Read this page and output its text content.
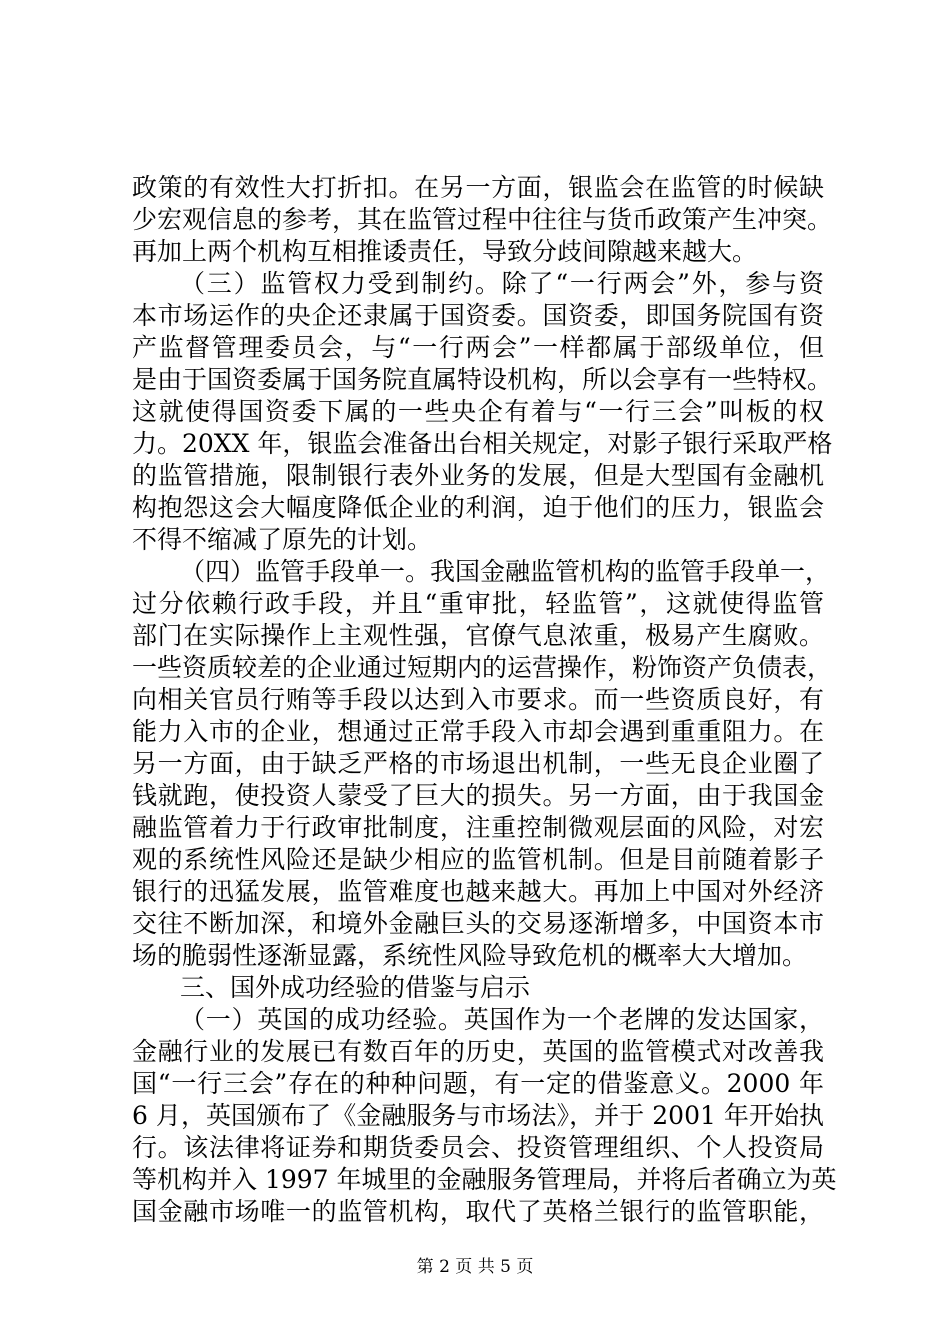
政策的有效性大打折扣。在另一方面，银监会在监管的时候缺
少宏观信息的参考，其在监管过程中往往与货币政策产生冲突。
再加上两个机构互相推诿责任，导致分歧间隙越来越大。
（三）监管权力受到制约。除了“一行两会”外，参与资
本市场运作的央企还隶属于国资委。国资委，即国务院国有资
产监督管理委员会，与“一行两会”一样都属于部级单位，但
是由于国资委属于国务院直属特设机构，所以会享有一些特权。
这就使得国资委下属的一些央企有着与“一行三会”叫板的权
力。20XX 年，银监会准备出台相关规定，对影子银行采取严格
的监管措施，限制银行表外业务的发展，但是大型国有金融机
构抱怨这会大幅度降低企业的利润，迫于他们的压力，银监会
不得不缩减了原先的计划。
（四）监管手段单一。我国金融监管机构的监管手段单一，
过分依赖行政手段，并且“重审批，轻监管”，这就使得监管
部门在实际操作上主观性强，官僚气息浓重，极易产生腐败。
一些资质较差的企业通过短期内的运营操作，粉饰资产负债表，
向相关官员行贿等手段以达到入市要求。而一些资质良好，有
能力入市的企业，想通过正常手段入市却会遇到重重阻力。在
另一方面，由于缺乏严格的市场退出机制，一些无良企业圈了
钱就跑，使投资人蒙受了巨大的损失。另一方面，由于我国金
融监管着力于行政审批制度，注重控制微观层面的风险，对宏
观的系统性风险还是缺少相应的监管机制。但是目前随着影子
银行的迅猛发展，监管难度也越来越大。再加上中国对外经济
交往不断加深，和境外金融巨头的交易逐渐增多，中国资本市
场的脆弱性逐渐显露，系统性风险导致危机的概率大大增加。
三、国外成功经验的借鉴与启示
（一）英国的成功经验。英国作为一个老牌的发达国家，
金融行业的发展已有数百年的历史，英国的监管模式对改善我
国“一行三会”存在的种种问题，有一定的借鉴意义。2000 年
6 月，英国颁布了《金融服务与市场法》，并于 2001 年开始执
行。该法律将证券和期货委员会、投资管理组织、个人投资局
等机构并入 1997 年城里的金融服务管理局，并将后者确立为英
国金融市场唯一的监管机构，取代了英格兰银行的监管职能，
第 2 页 共 5 页
